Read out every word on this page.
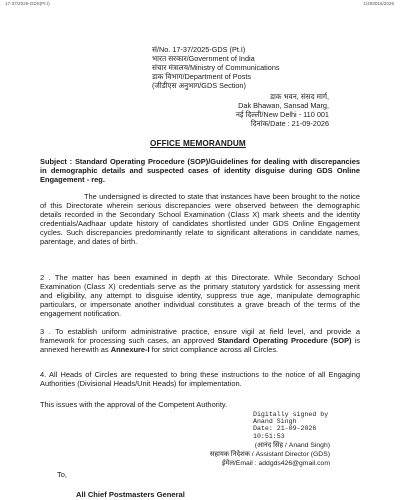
17-37/2025-GDS(Pt.I)	1/493015/2026
सं/No. 17-37/2025-GDS (Pt.I)
भारत सरकार/Government of India
संचार मंत्रालय/Ministry of Communications
डाक विभाग/Department of Posts
(जीडीएस अनुभाग/GDS Section)
डाक भवन, संसद मार्ग,
Dak Bhawan, Sansad Marg,
नई दिल्ली/New Delhi - 110 001
दिनांक/Date : 21-09-2026
OFFICE MEMORANDUM
Subject : Standard Operating Procedure (SOP)/Guidelines for dealing with discrepancies in demographic details and suspected cases of identity disguise during GDS Online Engagement - reg.
The undersigned is directed to state that instances have been brought to the notice of this Directorate wherein serious discrepancies were observed between the demographic details recorded in the Secondary School Examination (Class X) mark sheets and the identity credentials/Aadhaar update history of candidates shortlisted under GDS Online Engagement cycles. Such discrepancies predominantly relate to significant alterations in candidate names, parentage, and dates of birth.
2 . The matter has been examined in depth at this Directorate. While Secondary School Examination (Class X) credentials serve as the primary statutory yardstick for assessing merit and eligibility, any attempt to disguise identity, suppress true age, manipulate demographic particulars, or impersonate another individual constitutes a grave breach of the terms of the engagement notification.
3 . To establish uniform administrative practice, ensure vigil at field level, and provide a framework for processing such cases, an approved Standard Operating Procedure (SOP) is annexed herewith as Annexure-I for strict compliance across all Circles.
4. All Heads of Circles are requested to bring these instructions to the notice of all Engaging Authorities (Divisional Heads/Unit Heads) for implementation.
This issues with the approval of the Competent Authority.
Digitally signed by
Anand Singh
Date: 21-09-2026
10:51:53
(आनंद सिंह / Anand Singh)
सहायक निदेशक / Assistant Director (GDS)
ईमेल/Email : addgds426@gmail.com
To,
All Chief Postmasters General
